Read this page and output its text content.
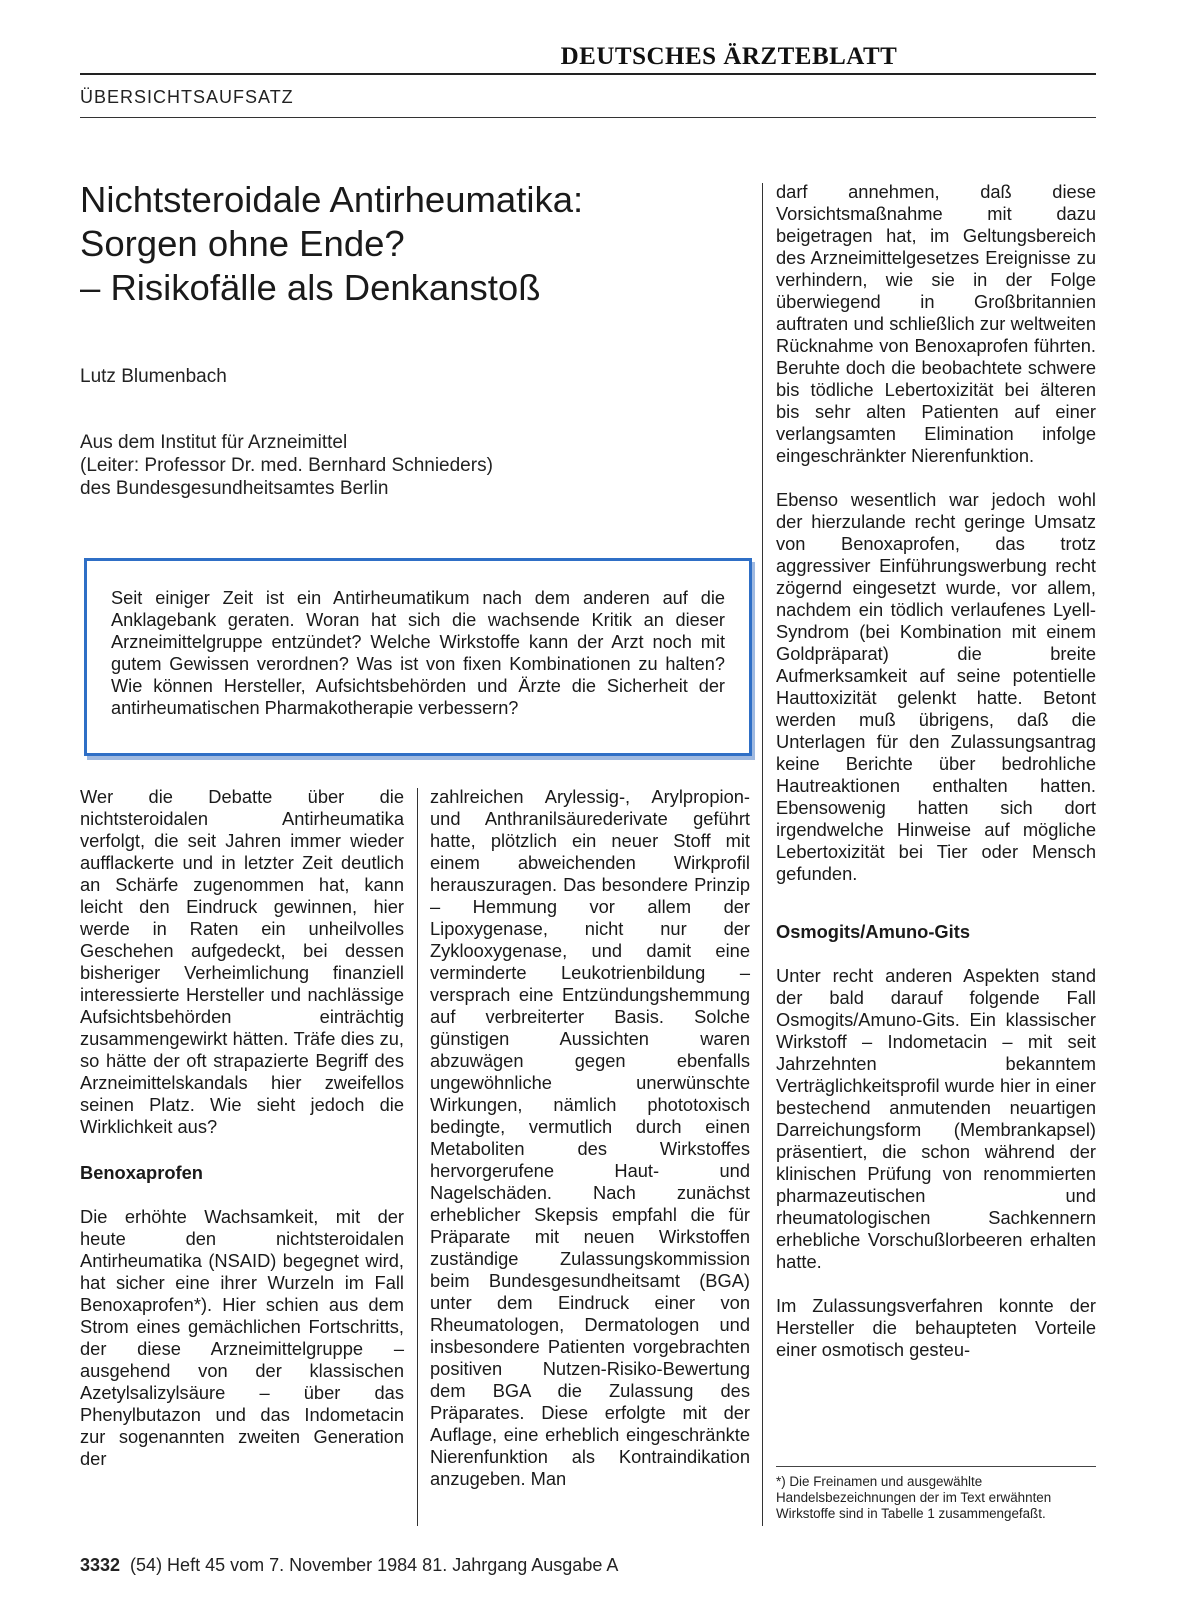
DEUTSCHES ÄRZTEBLATT
ÜBERSICHTSAUFSATZ
Nichtsteroidale Antirheumatika:
Sorgen ohne Ende?
– Risikofälle als Denkanstoß
Lutz Blumenbach
Aus dem Institut für Arzneimittel
(Leiter: Professor Dr. med. Bernhard Schnieders)
des Bundesgesundheitsamtes Berlin

Seit einiger Zeit ist ein Antirheumatikum nach dem anderen auf die Anklagebank geraten. Woran hat sich die wachsende Kritik an dieser Arzneimittelgruppe entzündet? Welche Wirkstoffe kann der Arzt noch mit gutem Gewissen verordnen? Was ist von fixen Kombinationen zu halten? Wie können Hersteller, Aufsichtsbehörden und Ärzte die Sicherheit der antirheumatischen Pharmakotherapie verbessern?

Wer die Debatte über die nichtsteroidalen Antirheumatika verfolgt, die seit Jahren immer wieder aufflackerte und in letzter Zeit deutlich an Schärfe zugenommen hat, kann leicht den Eindruck gewinnen, hier werde in Raten ein unheilvolles Geschehen aufgedeckt, bei dessen bisheriger Verheimlichung finanziell interessierte Hersteller und nachlässige Aufsichtsbehörden einträchtig zusammengewirkt hätten. Träfe dies zu, so hätte der oft strapazierte Begriff des Arzneimittelskandals hier zweifellos seinen Platz. Wie sieht jedoch die Wirklichkeit aus?

Benoxaprofen

Die erhöhte Wachsamkeit, mit der heute den nichtsteroidalen Antirheumatika (NSAID) begegnet wird, hat sicher eine ihrer Wurzeln im Fall Benoxaprofen*). Hier schien aus dem Strom eines gemächlichen Fortschritts, der diese Arzneimittelgruppe – ausgehend von der klassischen Azetylsalizylsäure – über das Phenylbutazon und das Indometacin zur sogenannten zweiten Generation der

zahlreichen Arylessig-, Arylpropion- und Anthranilsäurederivate geführt hatte, plötzlich ein neuer Stoff mit einem abweichenden Wirkprofil herauszuragen. Das besondere Prinzip – Hemmung vor allem der Lipoxygenase, nicht nur der Zyklooxygenase, und damit eine verminderte Leukotrienbildung – versprach eine Entzündungshemmung auf verbreiterter Basis. Solche günstigen Aussichten waren abzuwägen gegen ebenfalls ungewöhnliche unerwünschte Wirkungen, nämlich phototoxisch bedingte, vermutlich durch einen Metaboliten des Wirkstoffes hervorgerufene Haut- und Nagelschäden. Nach zunächst erheblicher Skepsis empfahl die für Präparate mit neuen Wirkstoffen zuständige Zulassungskommission beim Bundesgesundheitsamt (BGA) unter dem Eindruck einer von Rheumatologen, Dermatologen und insbesondere Patienten vorgebrachten positiven Nutzen-Risiko-Bewertung dem BGA die Zulassung des Präparates. Diese erfolgte mit der Auflage, eine erheblich eingeschränkte Nierenfunktion als Kontraindikation anzugeben. Man

darf annehmen, daß diese Vorsichtsmaßnahme mit dazu beigetragen hat, im Geltungsbereich des Arzneimittelgesetzes Ereignisse zu verhindern, wie sie in der Folge überwiegend in Großbritannien auftraten und schließlich zur weltweiten Rücknahme von Benoxaprofen führten. Beruhte doch die beobachtete schwere bis tödliche Lebertoxizität bei älteren bis sehr alten Patienten auf einer verlangsamten Elimination infolge eingeschränkter Nierenfunktion.

Ebenso wesentlich war jedoch wohl der hierzulande recht geringe Umsatz von Benoxaprofen, das trotz aggressiver Einführungswerbung recht zögernd eingesetzt wurde, vor allem, nachdem ein tödlich verlaufenes Lyell-Syndrom (bei Kombination mit einem Goldpräparat) die breite Aufmerksamkeit auf seine potentielle Hauttoxizität gelenkt hatte. Betont werden muß übrigens, daß die Unterlagen für den Zulassungsantrag keine Berichte über bedrohliche Hautreaktionen enthalten hatten. Ebensowenig hatten sich dort irgendwelche Hinweise auf mögliche Lebertoxizität bei Tier oder Mensch gefunden.

Osmogits/Amuno-Gits

Unter recht anderen Aspekten stand der bald darauf folgende Fall Osmogits/Amuno-Gits. Ein klassischer Wirkstoff – Indometacin – mit seit Jahrzehnten bekanntem Verträglichkeitsprofil wurde hier in einer bestechend anmutenden neuartigen Darreichungsform (Membrankapsel) präsentiert, die schon während der klinischen Prüfung von renommierten pharmazeutischen und rheumatologischen Sachkennern erhebliche Vorschußlorbeeren erhalten hatte.

Im Zulassungsverfahren konnte der Hersteller die behaupteten Vorteile einer osmotisch gesteu-

*) Die Freinamen und ausgewählte Handelsbezeichnungen der im Text erwähnten Wirkstoffe sind in Tabelle 1 zusammengefaßt.
3332 (54) Heft 45 vom 7. November 1984 81. Jahrgang Ausgabe A
